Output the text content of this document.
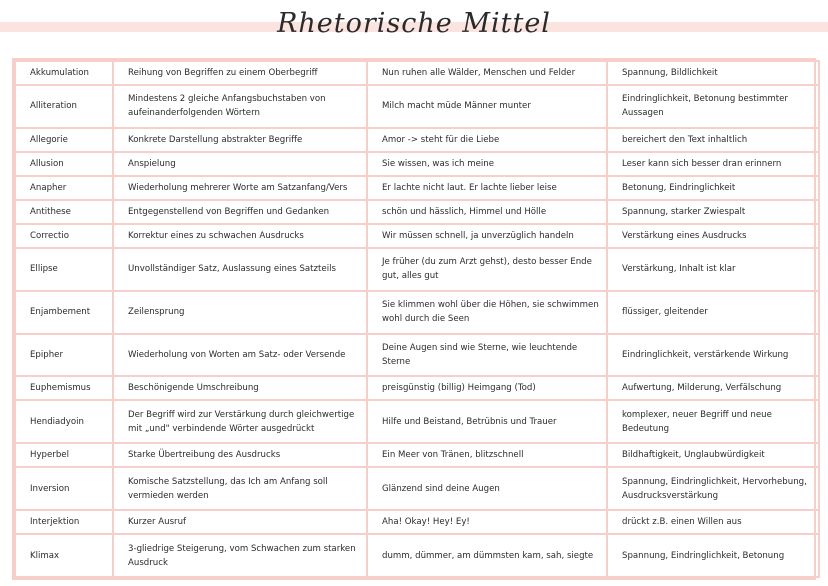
Rhetorische Mittel
Akkumulation	Reihung von Begriffen zu einem Oberbegriff	Nun ruhen alle Wälder, Menschen und Felder	Spannung, Bildlichkeit
Alliteration	Mindestens 2 gleiche Anfangsbuchstaben von aufeinanderfolgenden Wörtern	Milch macht müde Männer munter	Eindringlichkeit, Betonung bestimmter Aussagen
Allegorie	Konkrete Darstellung abstrakter Begriffe	Amor -> steht für die Liebe	bereichert den Text inhaltlich
Allusion	Anspielung	Sie wissen, was ich meine	Leser kann sich besser dran erinnern
Anapher	Wiederholung mehrerer Worte am Satzanfang/Vers	Er lachte nicht laut. Er lachte lieber leise	Betonung, Eindringlichkeit
Antithese	Entgegenstellend von Begriffen und Gedanken	schön und hässlich, Himmel und Hölle	Spannung, starker Zwiespalt
Correctio	Korrektur eines zu schwachen Ausdrucks	Wir müssen schnell, ja unverzüglich handeln	Verstärkung eines Ausdrucks
Ellipse	Unvollständiger Satz, Auslassung eines Satzteils	Je früher (du zum Arzt gehst), desto besser Ende gut, alles gut	Verstärkung, Inhalt ist klar
Enjambement	Zeilensprung	Sie klimmen wohl über die Höhen, sie schwimmen wohl durch die Seen	flüssiger, gleitender
Epipher	Wiederholung von Worten am Satz- oder Versende	Deine Augen sind wie Sterne, wie leuchtende Sterne	Eindringlichkeit, verstärkende Wirkung
Euphemismus	Beschönigende Umschreibung	preisgünstig (billig) Heimgang (Tod)	Aufwertung, Milderung, Verfälschung
Hendiadyoin	Der Begriff wird zur Verstärkung durch gleichwertige mit „und" verbindende Wörter ausgedrückt	Hilfe und Beistand, Betrübnis und Trauer	komplexer, neuer Begriff und neue Bedeutung
Hyperbel	Starke Übertreibung des Ausdrucks	Ein Meer von Tränen, blitzschnell	Bildhaftigkeit, Unglaubwürdigkeit
Inversion	Komische Satzstellung, das Ich am Anfang soll vermieden werden	Glänzend sind deine Augen	Spannung, Eindringlichkeit, Hervorhebung, Ausdrucksverstärkung
Interjektion	Kurzer Ausruf	Aha! Okay! Hey! Ey!	drückt z.B. einen Willen aus
Klimax	3-gliedrige Steigerung, vom Schwachen zum starken Ausdruck	dumm, dümmer, am dümmsten kam, sah, siegte	Spannung, Eindringlichkeit, Betonung
